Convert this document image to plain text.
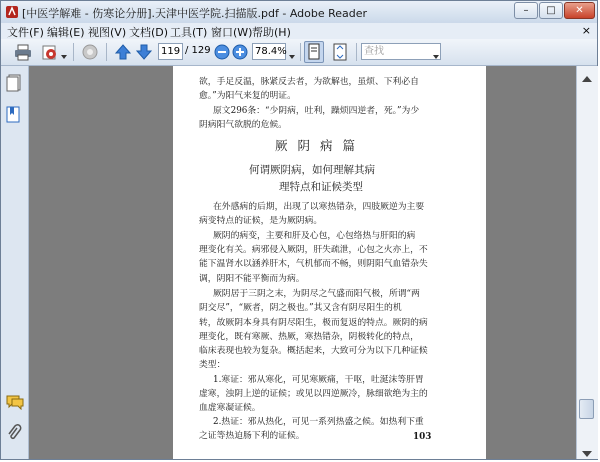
[中医学解难 - 伤寒论分册].天津中医学院.扫描版.pdf - Adobe Reader	–	□	✕
文件(F) 编辑(E) 视图(V) 文档(D) 工具(T) 窗口(W) 帮助(H)	×
119 / 129	78.4%	查找
欲，手足反温，脉紧反去者，为欲解也，虽烦、下利必自
愈。”为阳气来复的明证。
原文296条：“少阴病，吐利，躁烦四逆者，死。”为少
阴病阳气欲脱的危候。
厥阴病篇
何谓厥阴病，如何理解其病
理特点和证候类型
在外感病的后期，出现了以寒热错杂，四肢厥逆为主要
病变特点的证候，是为厥阴病。
厥阴的病变，主要和肝及心包，心包络热与肝阳的病
理变化有关。病邪侵入厥阴，肝失疏泄，心包之火亦上，不
能下温肾水以涵养肝木，气机郁而不畅，则阴阳气血错杂失
调，阴阳不能平衡而为病。
厥阴居于三阴之末，为阴尽之气盛而阳气极，所谓“两
阴交尽”，“厥者，阴之极也。”其又含有阴尽阳生的机
转，故厥阴本身具有阴尽阳生，极而复返的特点。厥阴的病
理变化，既有寒厥、热厥，寒热错杂，阴极转化的特点，
临床表现也较为复杂。概括起来，大致可分为以下几种证候
类型：
1.寒证：邪从寒化，可见寒厥痛，干呕，吐涎沫等肝胃
虚寒，浊阴上逆的证候；或见以四逆厥冷，脉细欲绝为主的
血虚寒凝证候。
2.热证：邪从热化，可见一系列热盛之候。如热利下重
之证等热迫肠下利的证候。	103
